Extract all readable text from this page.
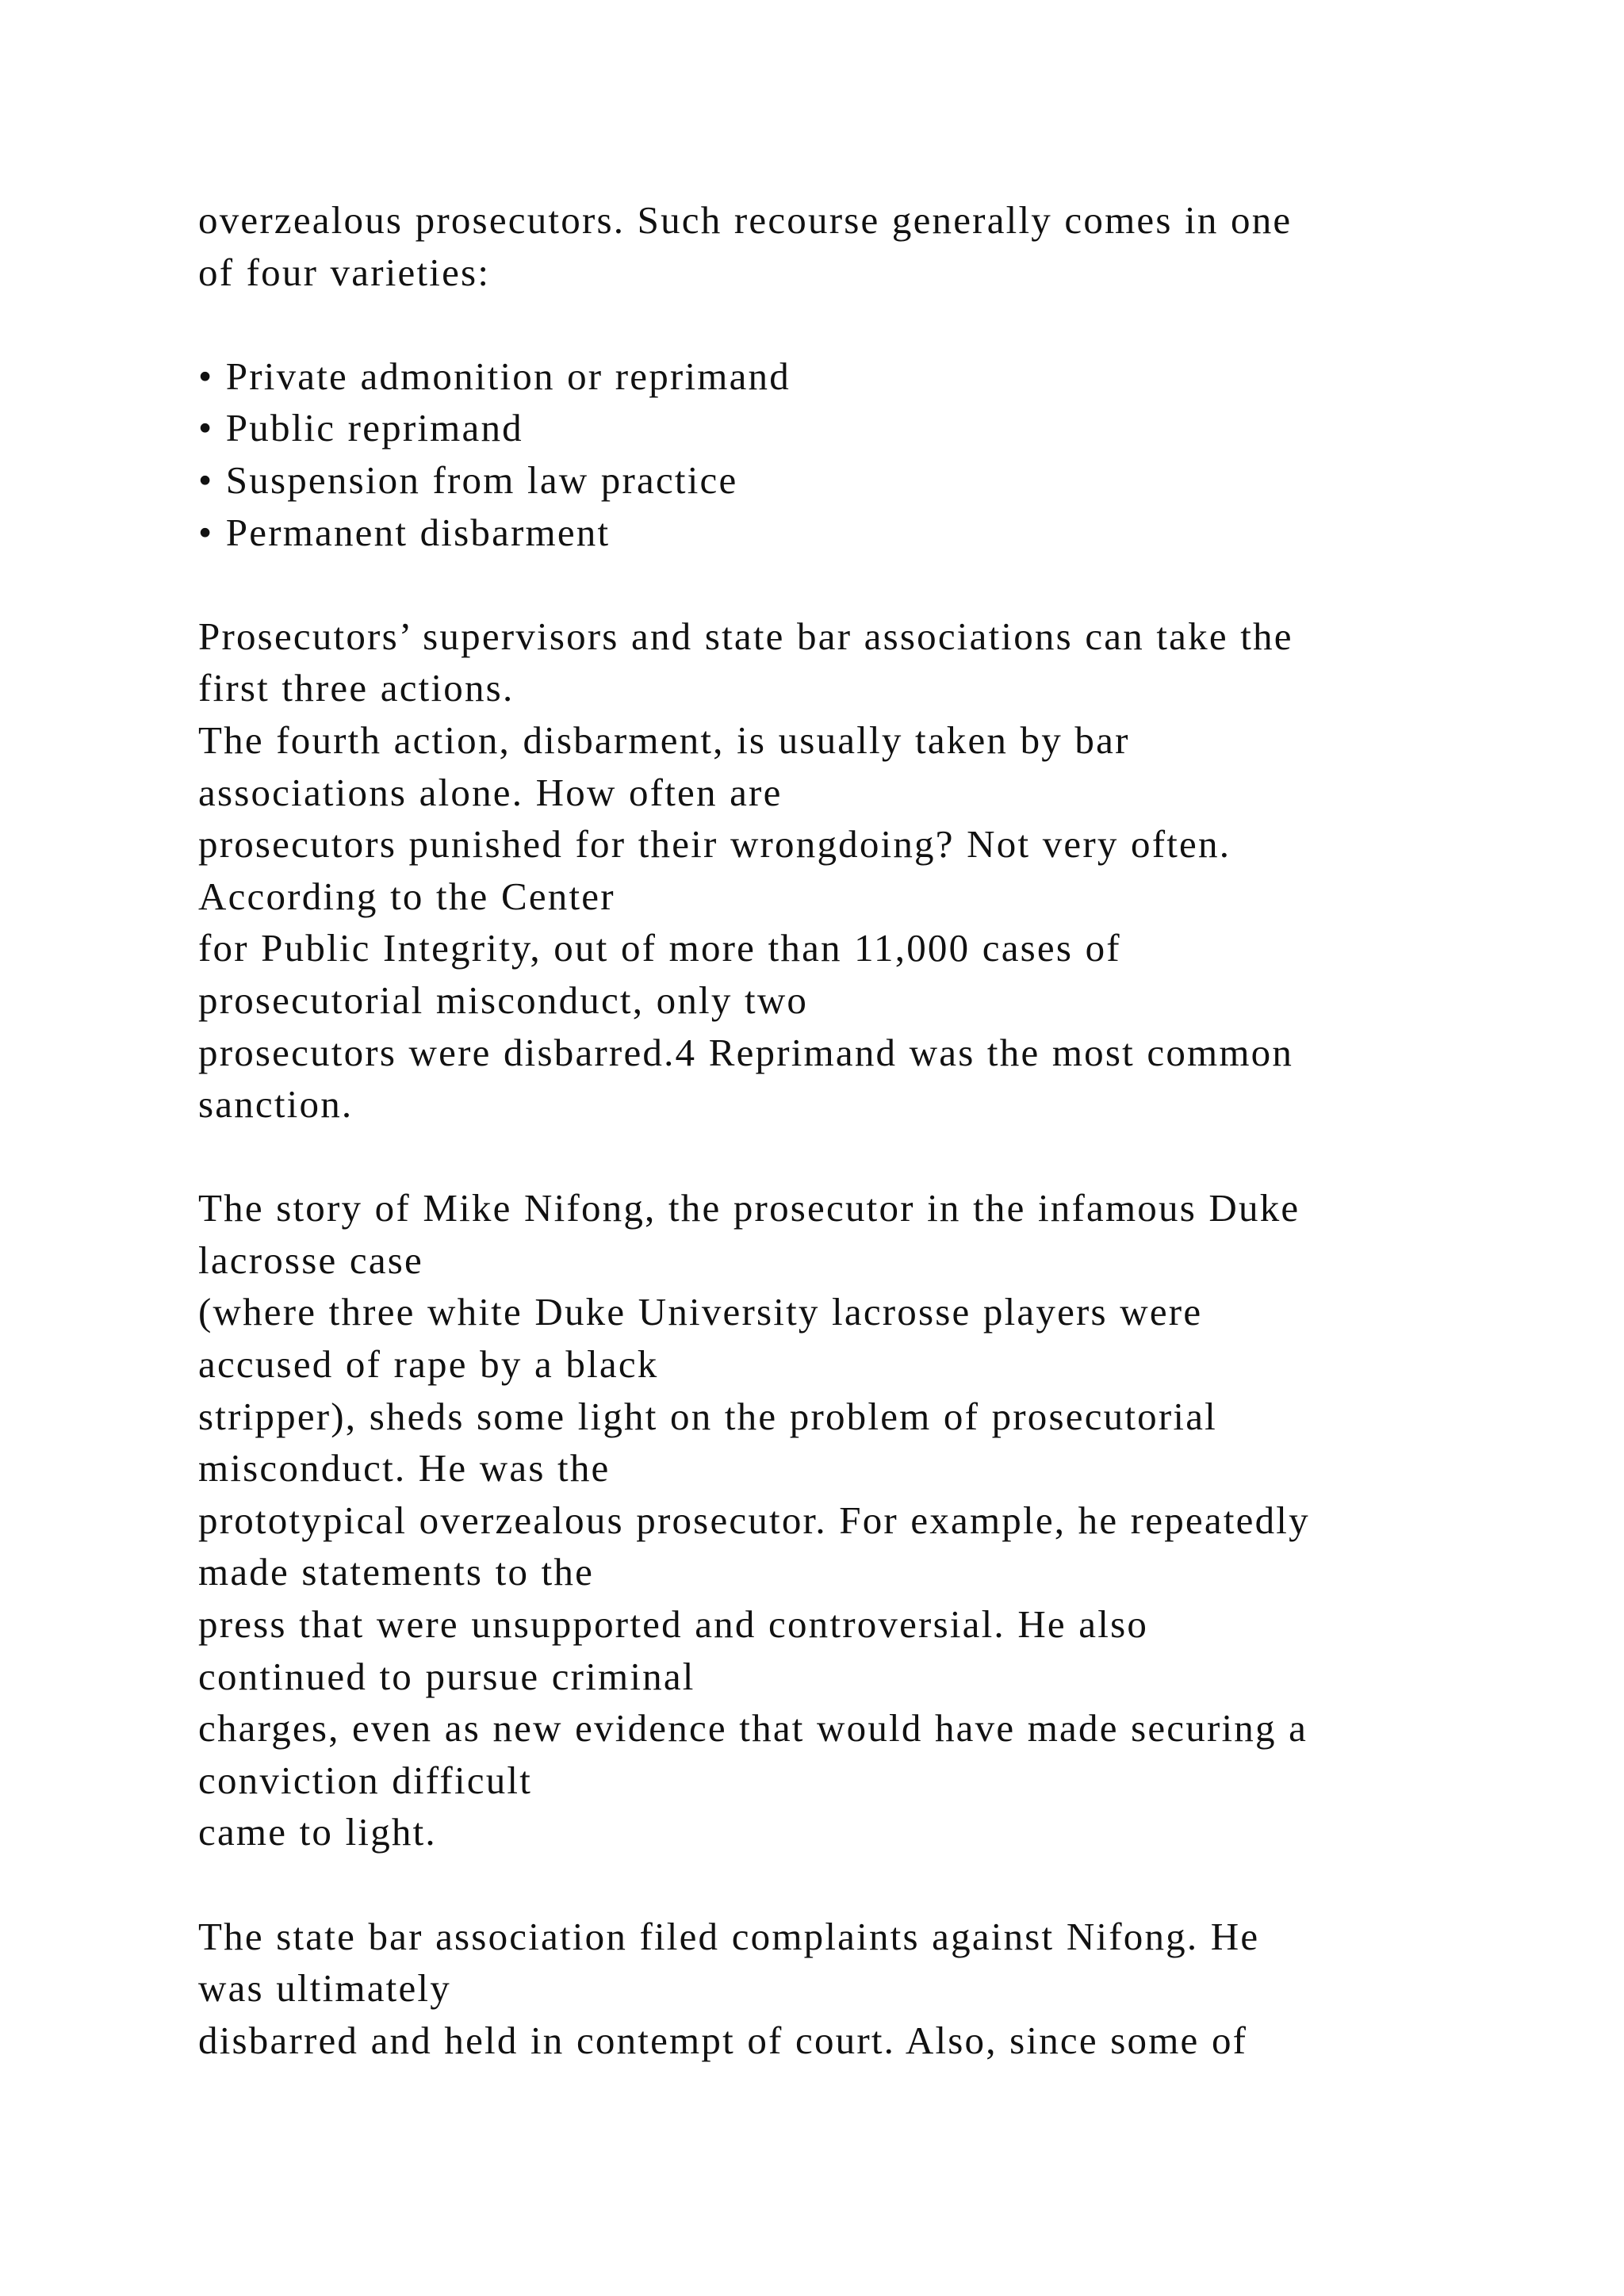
overzealous prosecutors. Such recourse generally comes in one
of four varieties:
• Private admonition or reprimand
• Public reprimand
• Suspension from law practice
• Permanent disbarment
Prosecutors’ supervisors and state bar associations can take the
first three actions.
The fourth action, disbarment, is usually taken by bar
associations alone. How often are
prosecutors punished for their wrongdoing? Not very often.
According to the Center
for Public Integrity, out of more than 11,000 cases of
prosecutorial misconduct, only two
prosecutors were disbarred.4 Reprimand was the most common
sanction.
The story of Mike Nifong, the prosecutor in the infamous Duke
lacrosse case
(where three white Duke University lacrosse players were
accused of rape by a black
stripper), sheds some light on the problem of prosecutorial
misconduct. He was the
prototypical overzealous prosecutor. For example, he repeatedly
made statements to the
press that were unsupported and controversial. He also
continued to pursue criminal
charges, even as new evidence that would have made securing a
conviction difficult
came to light.
The state bar association filed complaints against Nifong. He
was ultimately
disbarred and held in contempt of court. Also, since some of
